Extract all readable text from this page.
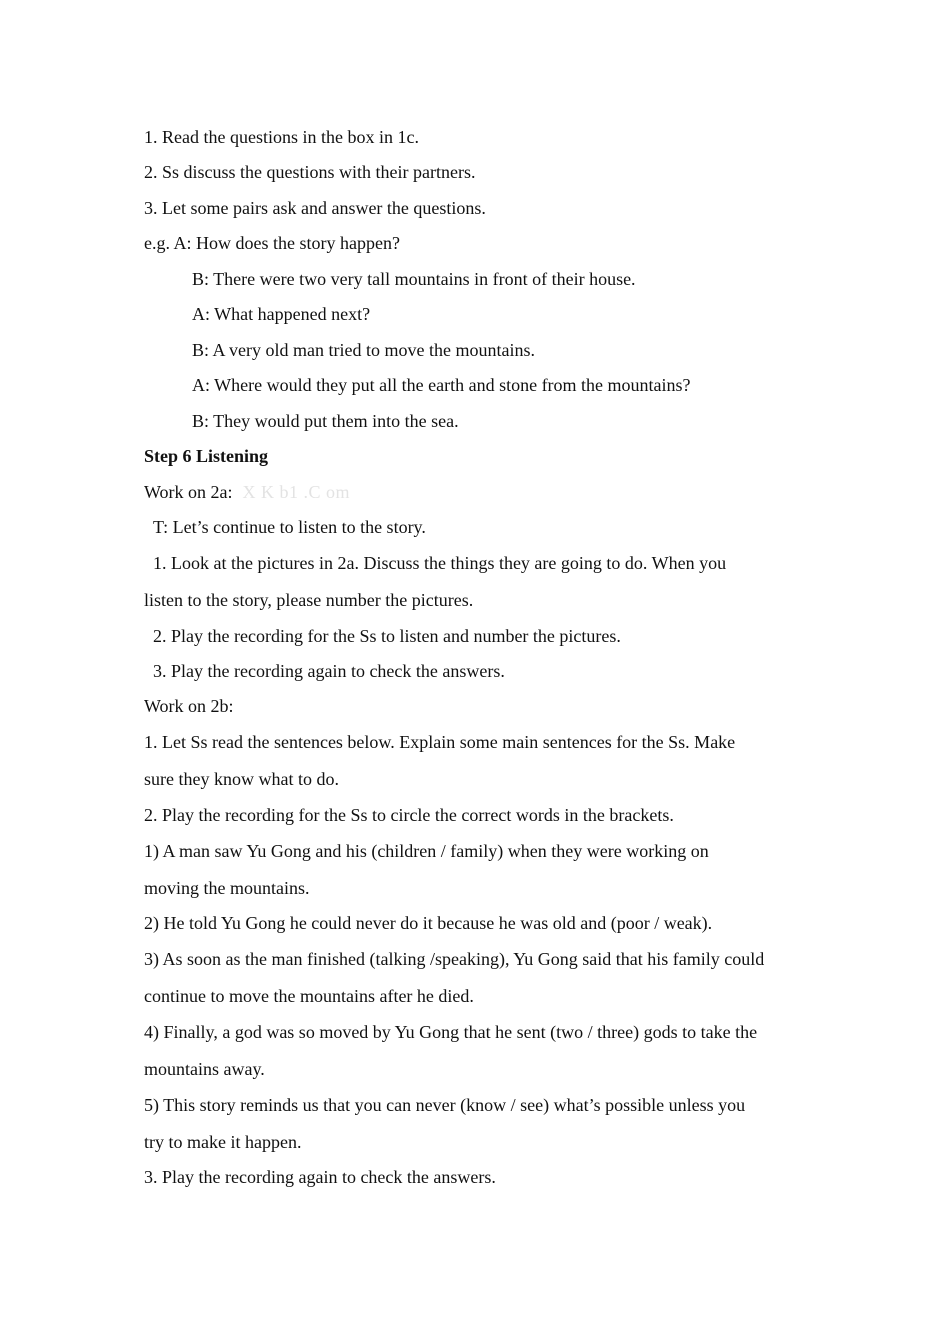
1. Read the questions in the box in 1c.
2. Ss discuss the questions with their partners.
3. Let some pairs ask and answer the questions.
e.g. A: How does the story happen?
B: There were two very tall mountains in front of their house.
A: What happened next?
B: A very old man tried to move the mountains.
A: Where would they put all the earth and stone from the mountains?
B: They would put them into the sea.
Step 6 Listening
Work on 2a: X K b1 .C om
T: Let’s continue to listen to the story.
1. Look at the pictures in 2a. Discuss the things they are going to do. When you
listen to the story, please number the pictures.
2. Play the recording for the Ss to listen and number the pictures.
3. Play the recording again to check the answers.
Work on 2b:
1. Let Ss read the sentences below. Explain some main sentences for the Ss. Make
sure they know what to do.
2. Play the recording for the Ss to circle the correct words in the brackets.
1) A man saw Yu Gong and his (children / family) when they were working on
moving the mountains.
2) He told Yu Gong he could never do it because he was old and (poor / weak).
3) As soon as the man finished (talking /speaking), Yu Gong said that his family could
continue to move the mountains after he died.
4) Finally, a god was so moved by Yu Gong that he sent (two / three) gods to take the
mountains away.
5) This story reminds us that you can never (know / see) what’s possible unless you
try to make it happen.
3. Play the recording again to check the answers.
